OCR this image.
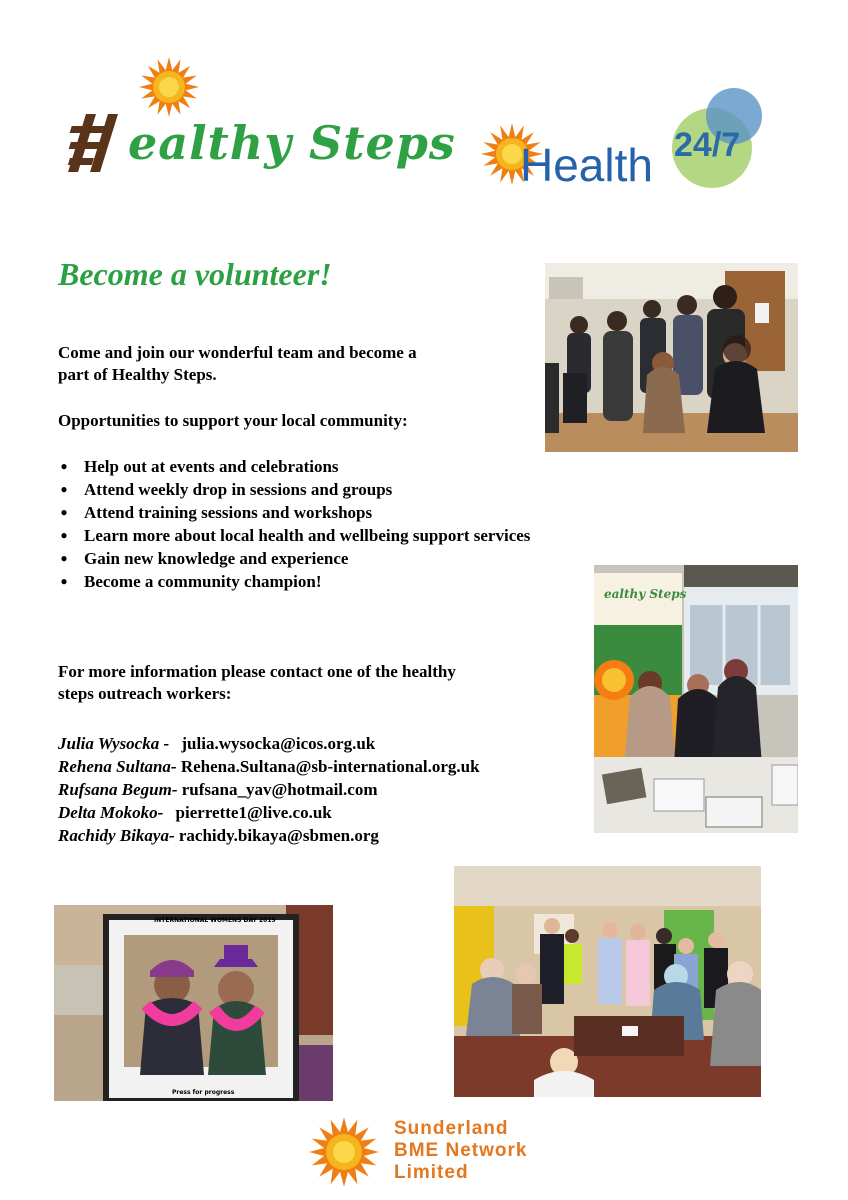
ealthy Steps Health 24/7
Become a volunteer!
Come and join our wonderful team and become a
part of Healthy Steps.
Opportunities to support your local community:
● Help out at events and celebrations
● Attend weekly drop in sessions and groups
● Attend training sessions and workshops
● Learn more about local health and wellbeing support services
● Gain new knowledge and experience
● Become a community champion!
For more information please contact one of the healthy
steps outreach workers:
Julia Wysocka - julia.wysocka@icos.org.uk
Rehena Sultana- Rehena.Sultana@sb-international.org.uk
Rufsana Begum- rufsana_yav@hotmail.com
Delta Mokoko- pierrette1@live.co.uk
Rachidy Bikaya- rachidy.bikaya@sbmen.org
ealthy Steps
INTERNATIONAL WOMENS DAY 2019
Press for progress
Sunderland
BME Network
Limited
